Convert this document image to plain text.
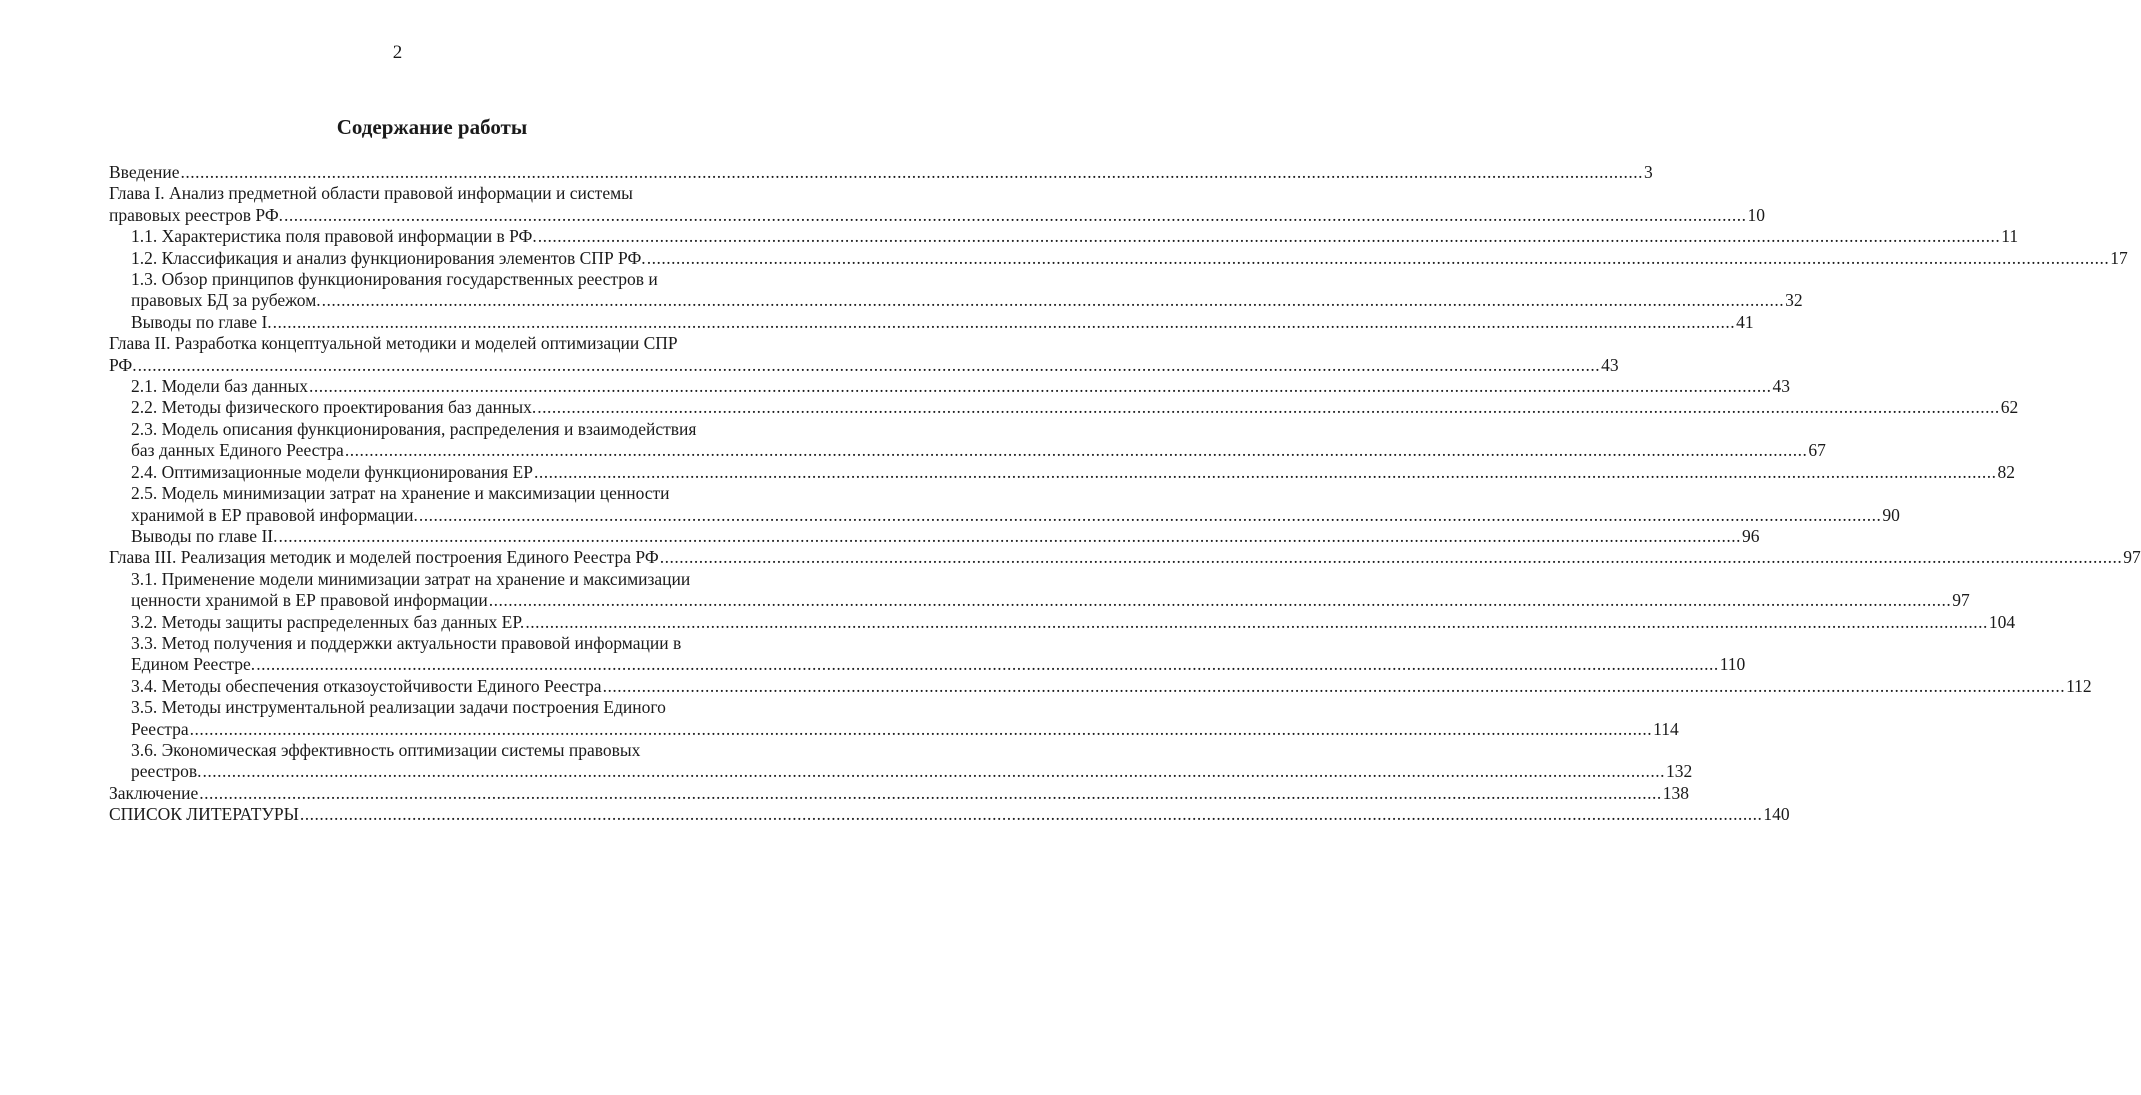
2
Содержание работы
Введение ............................................................................................................................................................................................................................................................................................................ 3
Глава I. Анализ предметной области правовой информации и системы
правовых реестров РФ. ............................................................................................................................................................................................................................................................................................................ 10
1.1. Характеристика поля правовой информации в РФ. ............................................................................................................................................................................................................................................................................................................ 11
1.2. Классификация и анализ функционирования элементов СПР РФ. ............................................................................................................................................................................................................................................................................................................ 17
1.3. Обзор принципов функционирования государственных реестров и
правовых БД за рубежом. ............................................................................................................................................................................................................................................................................................................ 32
Выводы по главе I. ............................................................................................................................................................................................................................................................................................................ 41
Глава II. Разработка концептуальной методики и моделей оптимизации СПР
РФ. ............................................................................................................................................................................................................................................................................................................ 43
2.1. Модели баз данных ............................................................................................................................................................................................................................................................................................................ 43
2.2. Методы физического проектирования баз данных. ............................................................................................................................................................................................................................................................................................................ 62
2.3. Модель описания функционирования, распределения и взаимодействия
баз данных Единого Реестра ............................................................................................................................................................................................................................................................................................................ 67
2.4. Оптимизационные модели функционирования ЕР ............................................................................................................................................................................................................................................................................................................ 82
2.5. Модель минимизации затрат на хранение и максимизации ценности
хранимой в ЕР правовой информации. ............................................................................................................................................................................................................................................................................................................ 90
Выводы по главе II. ............................................................................................................................................................................................................................................................................................................ 96
Глава III. Реализация методик и моделей построения Единого Реестра РФ ............................................................................................................................................................................................................................................................................................................ 97
3.1. Применение модели минимизации затрат на хранение и максимизации
ценности хранимой в ЕР правовой информации ............................................................................................................................................................................................................................................................................................................ 97
3.2. Методы защиты распределенных баз данных ЕР. ............................................................................................................................................................................................................................................................................................................ 104
3.3. Метод получения и поддержки актуальности правовой информации в
Едином Реестре. ............................................................................................................................................................................................................................................................................................................ 110
3.4. Методы обеспечения отказоустойчивости Единого Реестра ............................................................................................................................................................................................................................................................................................................ 112
3.5. Методы инструментальной реализации задачи построения Единого
Реестра ............................................................................................................................................................................................................................................................................................................ 114
3.6. Экономическая эффективность оптимизации системы правовых
реестров. ............................................................................................................................................................................................................................................................................................................ 132
Заключение ............................................................................................................................................................................................................................................................................................................ 138
СПИСОК ЛИТЕРАТУРЫ ............................................................................................................................................................................................................................................................................................................ 140
